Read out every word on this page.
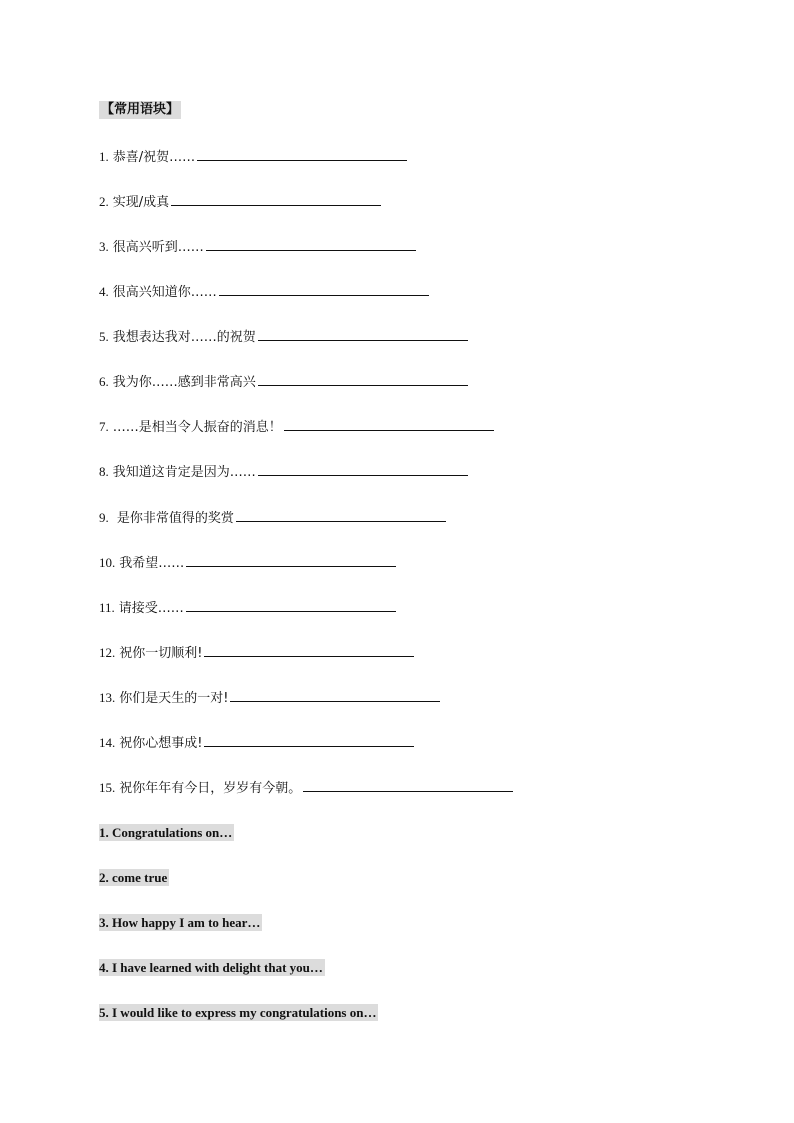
【常用语块】
1. 恭喜/祝贺……
2. 实现/成真
3. 很高兴听到……
4. 很高兴知道你……
5. 我想表达我对……的祝贺
6. 我为你……感到非常高兴
7. ……是相当令人振奋的消息！
8. 我知道这肯定是因为……
9. 是你非常值得的奖赏
10. 我希望……
11. 请接受……
12. 祝你一切顺利!
13. 你们是天生的一对!
14. 祝你心想事成!
15. 祝你年年有今日，岁岁有今朝。
1. Congratulations on…
2. come true
3. How happy I am to hear…
4. I have learned with delight that you…
5. I would like to express my congratulations on…
